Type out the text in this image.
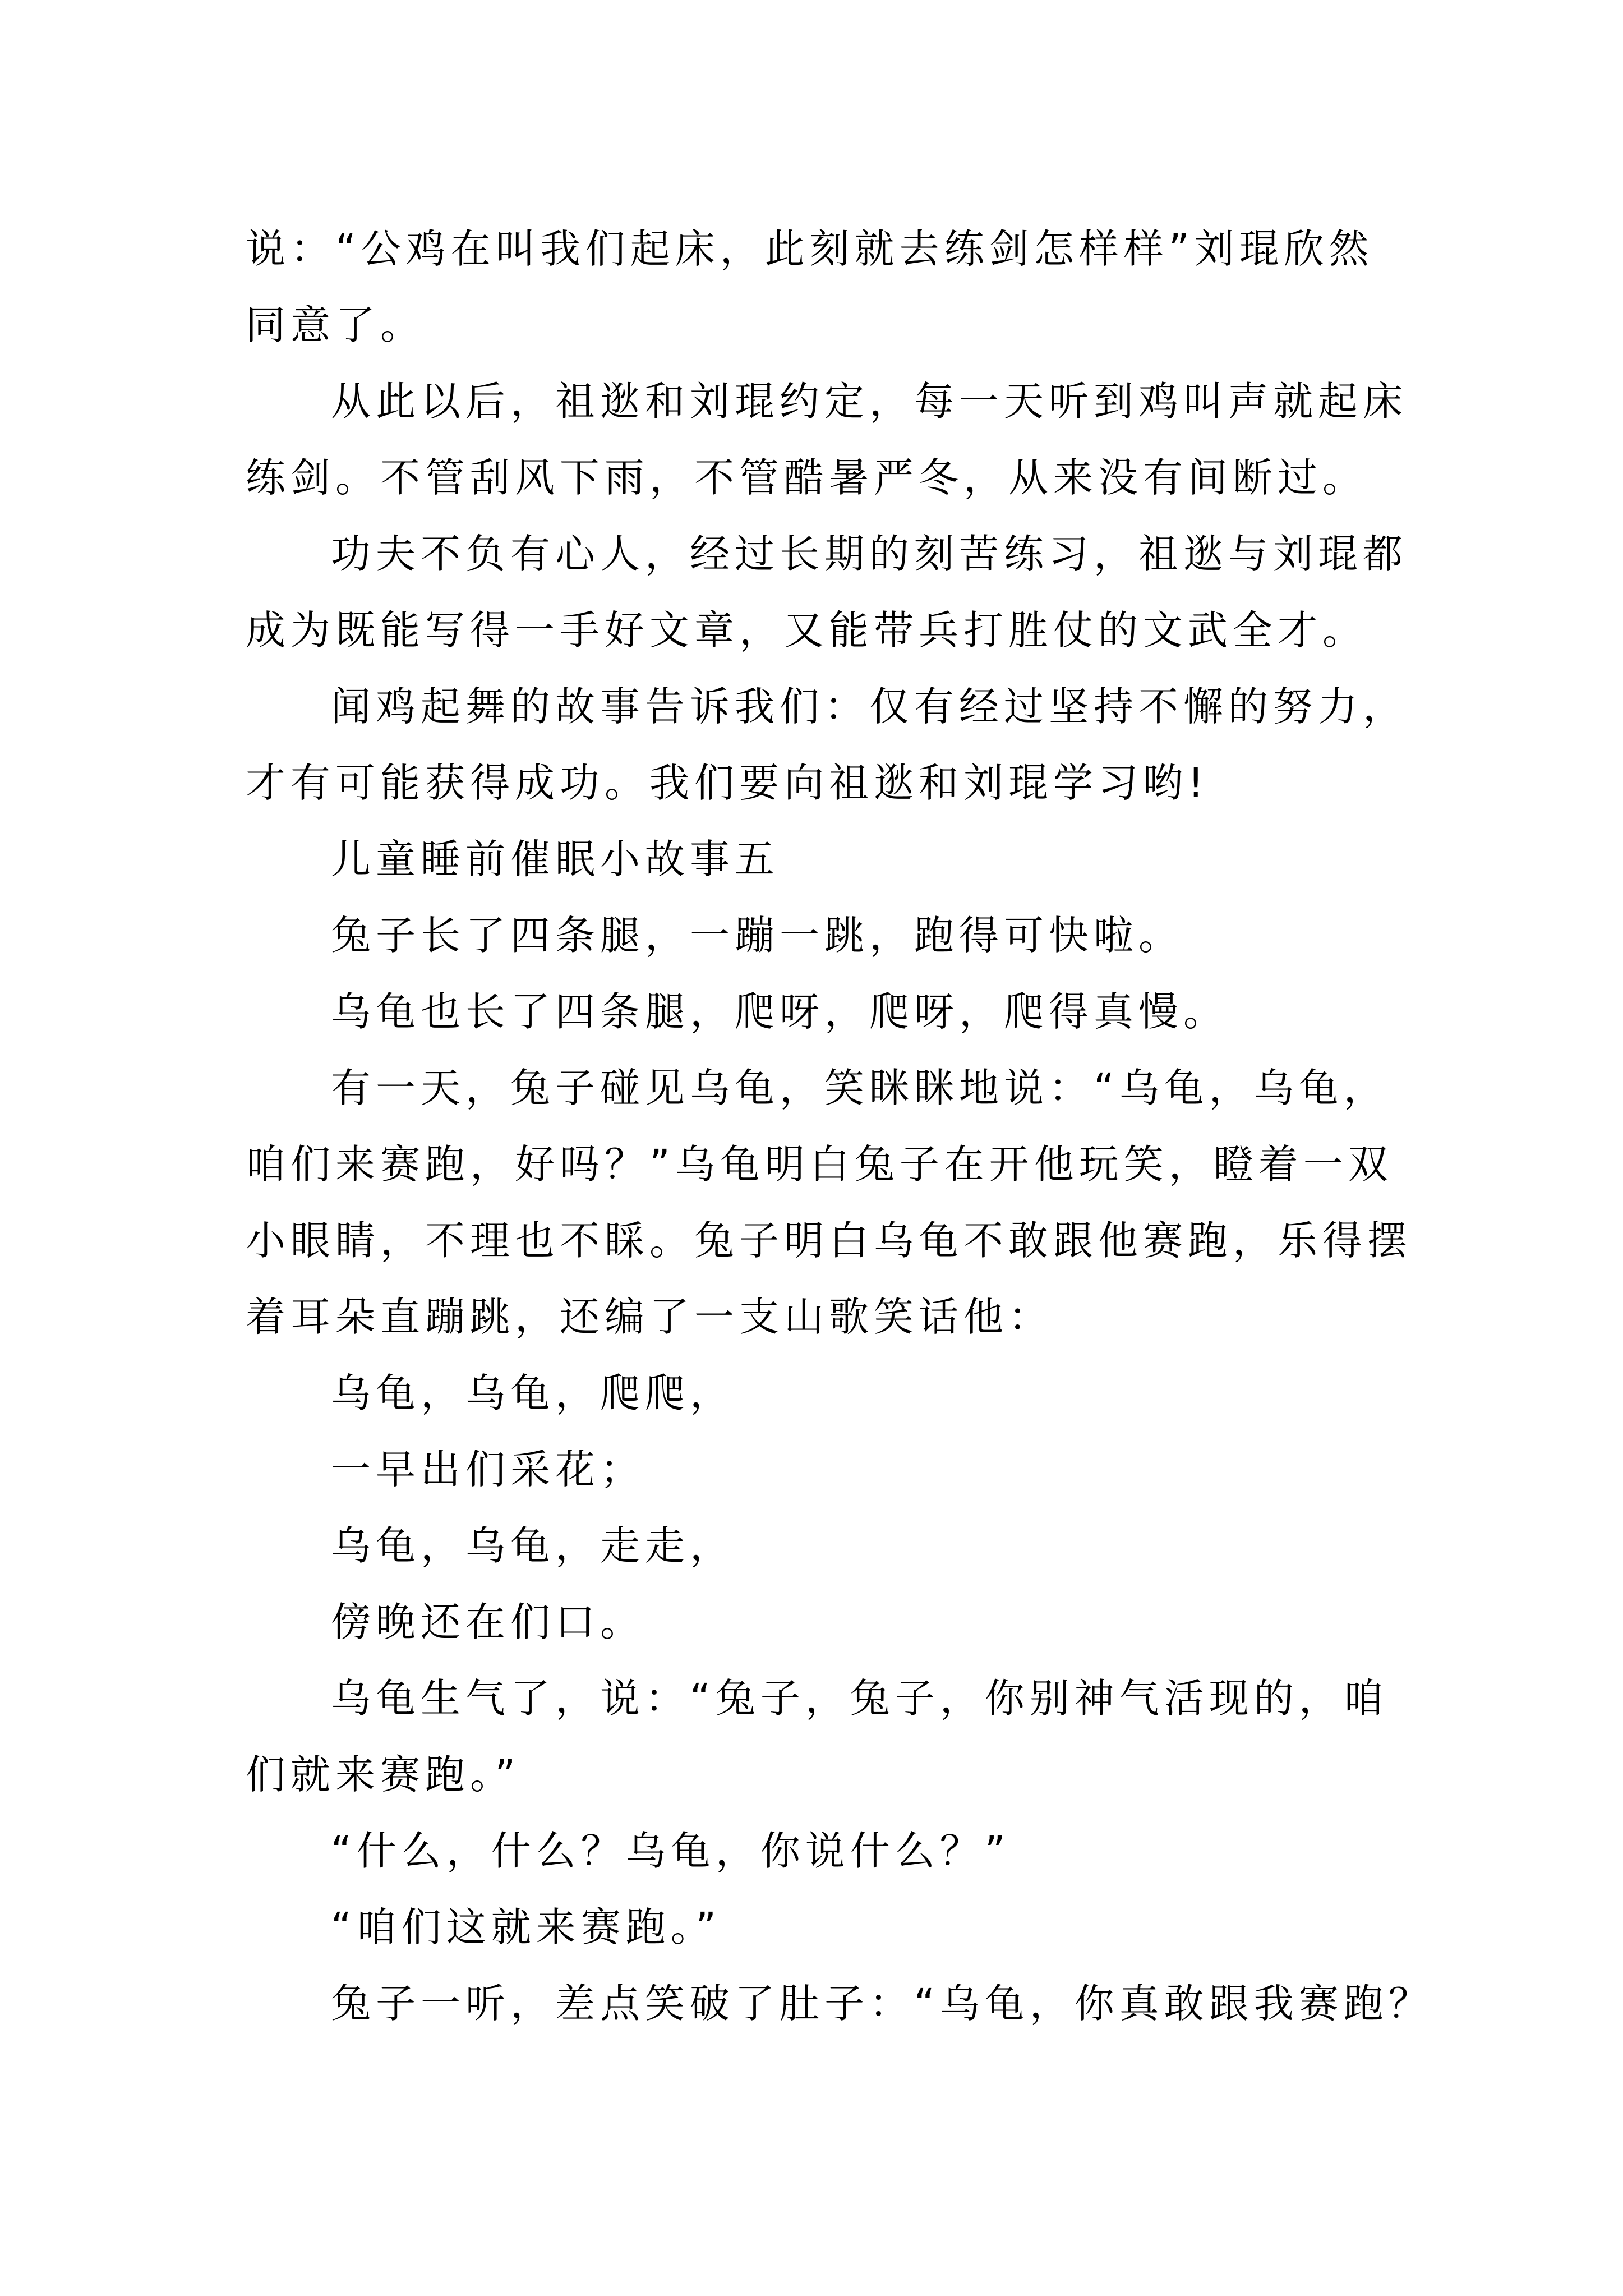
说：“公鸡在叫我们起床，此刻就去练剑怎样样”刘琨欣然
同意了。
从此以后，祖逖和刘琨约定，每一天听到鸡叫声就起床
练剑。不管刮风下雨，不管酷暑严冬，从来没有间断过。
功夫不负有心人，经过长期的刻苦练习，祖逖与刘琨都
成为既能写得一手好文章，又能带兵打胜仗的文武全才。
闻鸡起舞的故事告诉我们：仅有经过坚持不懈的努力，
才有可能获得成功。我们要向祖逖和刘琨学习哟!
儿童睡前催眠小故事五
兔子长了四条腿，一蹦一跳，跑得可快啦。
乌龟也长了四条腿，爬呀，爬呀，爬得真慢。
有一天，兔子碰见乌龟，笑眯眯地说：“乌龟，乌龟，
咱们来赛跑，好吗？”乌龟明白兔子在开他玩笑，瞪着一双
小眼睛，不理也不睬。兔子明白乌龟不敢跟他赛跑，乐得摆
着耳朵直蹦跳，还编了一支山歌笑话他：
乌龟，乌龟，爬爬，
一早出们采花；
乌龟，乌龟，走走，
傍晚还在们口。
乌龟生气了，说：“兔子，兔子，你别神气活现的，咱
们就来赛跑。”
“什么，什么？乌龟，你说什么？”
“咱们这就来赛跑。”
兔子一听，差点笑破了肚子：“乌龟，你真敢跟我赛跑？
